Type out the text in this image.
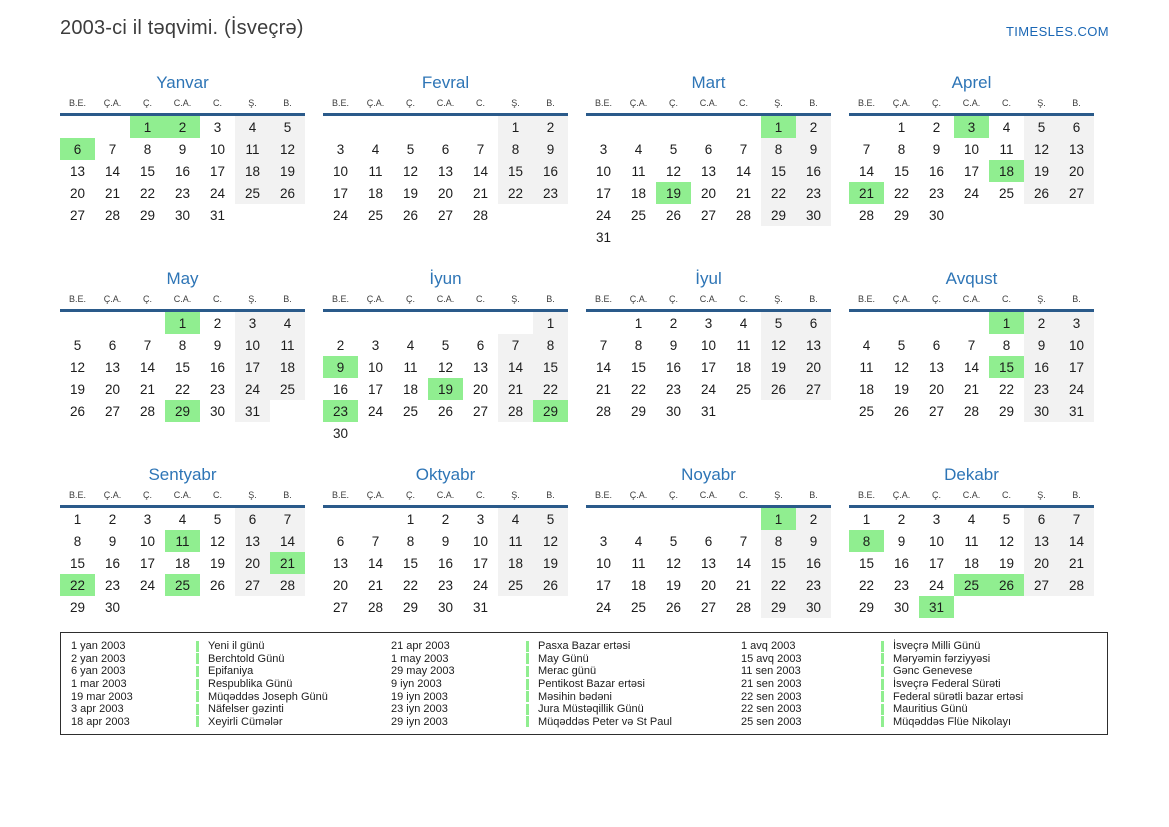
2003-ci il təqvimi. (İsveçrə)	TIMESLES.COM
Yanvar
B.E.	Ç.A.	Ç.	C.A.	C.	Ş.	B.
		1	2	3	4	5
6	7	8	9	10	11	12
13	14	15	16	17	18	19
20	21	22	23	24	25	26
27	28	29	30	31		
Fevral
B.E.	Ç.A.	Ç.	C.A.	C.	Ş.	B.
					1	2
3	4	5	6	7	8	9
10	11	12	13	14	15	16
17	18	19	20	21	22	23
24	25	26	27	28		
Mart
B.E.	Ç.A.	Ç.	C.A.	C.	Ş.	B.
					1	2
3	4	5	6	7	8	9
10	11	12	13	14	15	16
17	18	19	20	21	22	23
24	25	26	27	28	29	30
31						
Aprel
B.E.	Ç.A.	Ç.	C.A.	C.	Ş.	B.
	1	2	3	4	5	6
7	8	9	10	11	12	13
14	15	16	17	18	19	20
21	22	23	24	25	26	27
28	29	30				
May
B.E.	Ç.A.	Ç.	C.A.	C.	Ş.	B.
			1	2	3	4
5	6	7	8	9	10	11
12	13	14	15	16	17	18
19	20	21	22	23	24	25
26	27	28	29	30	31	
İyun
B.E.	Ç.A.	Ç.	C.A.	C.	Ş.	B.
						1
2	3	4	5	6	7	8
9	10	11	12	13	14	15
16	17	18	19	20	21	22
23	24	25	26	27	28	29
30						
İyul
B.E.	Ç.A.	Ç.	C.A.	C.	Ş.	B.
	1	2	3	4	5	6
7	8	9	10	11	12	13
14	15	16	17	18	19	20
21	22	23	24	25	26	27
28	29	30	31			
Avqust
B.E.	Ç.A.	Ç.	C.A.	C.	Ş.	B.
				1	2	3
4	5	6	7	8	9	10
11	12	13	14	15	16	17
18	19	20	21	22	23	24
25	26	27	28	29	30	31
Sentyabr
B.E.	Ç.A.	Ç.	C.A.	C.	Ş.	B.
1	2	3	4	5	6	7
8	9	10	11	12	13	14
15	16	17	18	19	20	21
22	23	24	25	26	27	28
29	30					
Oktyabr
B.E.	Ç.A.	Ç.	C.A.	C.	Ş.	B.
		1	2	3	4	5
6	7	8	9	10	11	12
13	14	15	16	17	18	19
20	21	22	23	24	25	26
27	28	29	30	31		
Noyabr
B.E.	Ç.A.	Ç.	C.A.	C.	Ş.	B.
					1	2
3	4	5	6	7	8	9
10	11	12	13	14	15	16
17	18	19	20	21	22	23
24	25	26	27	28	29	30
Dekabr
B.E.	Ç.A.	Ç.	C.A.	C.	Ş.	B.
1	2	3	4	5	6	7
8	9	10	11	12	13	14
15	16	17	18	19	20	21
22	23	24	25	26	27	28
29	30	31				
1 yan 2003	Yeni il günü
2 yan 2003	Berchtold Günü
6 yan 2003	Epifaniya
1 mar 2003	Respublika Günü
19 mar 2003	Müqəddəs Joseph Günü
3 apr 2003	Näfelser gəzinti
18 apr 2003	Xeyirli Cümələr
21 apr 2003	Pasxa Bazar ertəsi
1 may 2003	May Günü
29 may 2003	Merac günü
9 iyn 2003	Pentikost Bazar ertəsi
19 iyn 2003	Məsihin bədəni
23 iyn 2003	Jura Müstəqillik Günü
29 iyn 2003	Müqəddəs Peter və St Paul
1 avq 2003	İsveçrə Milli Günü
15 avq 2003	Məryəmin fərziyyəsi
11 sen 2003	Gənc Genevese
21 sen 2003	İsveçrə Federal Sürəti
22 sen 2003	Federal sürətli bazar ertəsi
22 sen 2003	Mauritius Günü
25 sen 2003	Müqəddəs Flüe Nikolayı
